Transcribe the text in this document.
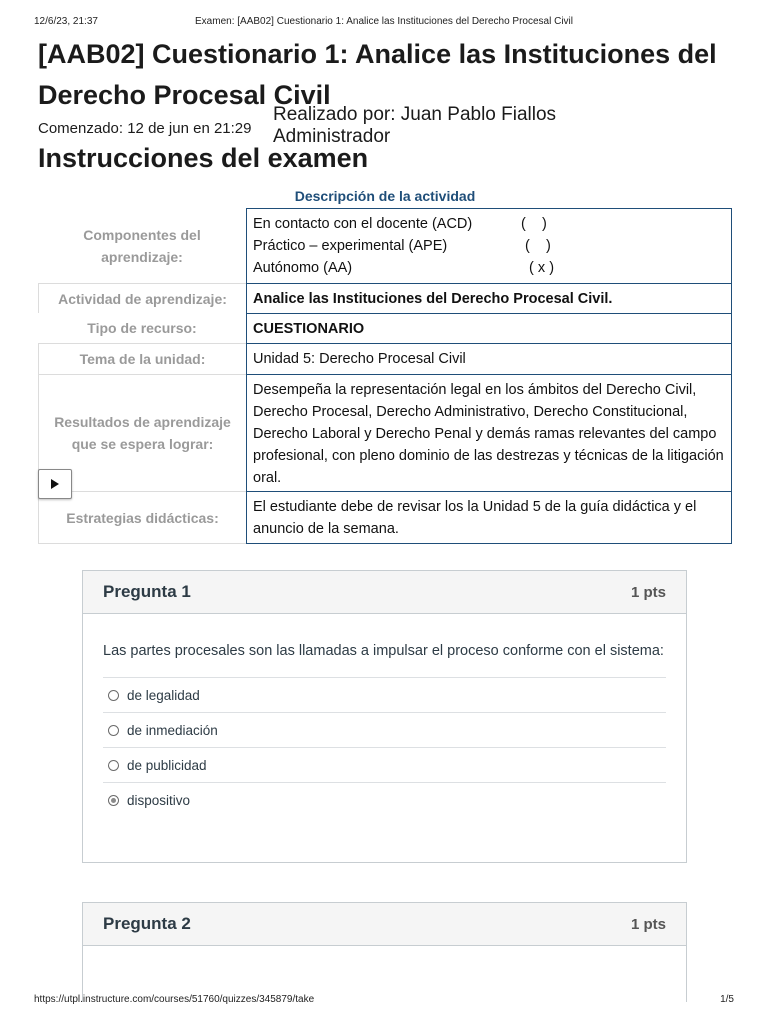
12/6/23, 21:37	Examen: [AAB02] Cuestionario 1: Analice las Instituciones del Derecho Procesal Civil
[AAB02] Cuestionario 1: Analice las Instituciones del Derecho Procesal Civil
Comenzado: 12 de jun en 21:29
Realizado por: Juan Pablo Fiallos
Administrador
Instrucciones del examen
Descripción de la actividad
Componentes del aprendizaje:
En contacto con el docente (ACD)	(    )
Práctico – experimental (APE)	(    )
Autónomo (AA)	( x )
Actividad de aprendizaje:	Analice las Instituciones del Derecho Procesal Civil.
Tipo de recurso:	CUESTIONARIO
Tema de la unidad:	Unidad 5: Derecho Procesal Civil
Resultados de aprendizaje que se espera lograr:
Desempeña la representación legal en los ámbitos del Derecho Civil, Derecho Procesal, Derecho Administrativo, Derecho Constitucional, Derecho Laboral y Derecho Penal y demás ramas relevantes del campo profesional, con pleno dominio de las destrezas y técnicas de la litigación oral.
Estrategias didácticas:
El estudiante debe de revisar los la Unidad 5 de la guía didáctica y el anuncio de la semana.
Pregunta 1	1 pts
Las partes procesales son las llamadas a impulsar el proceso conforme con el sistema:
de legalidad
de inmediación
de publicidad
dispositivo
Pregunta 2	1 pts
https://utpl.instructure.com/courses/51760/quizzes/345879/take	1/5
